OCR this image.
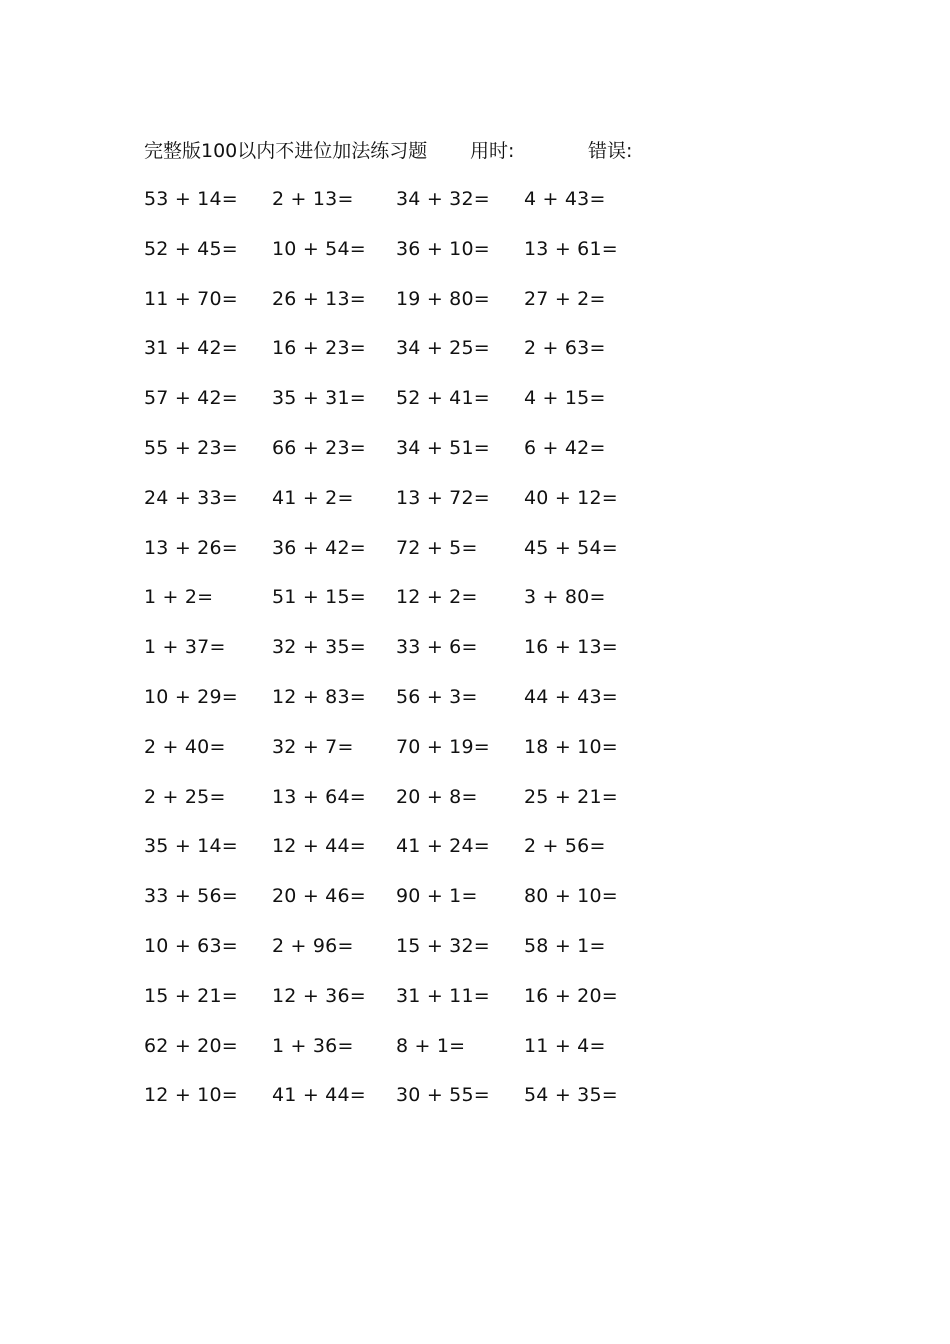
完整版100以内不进位加法练习题 用时:	错误:
53 + 14= 2 + 13= 34 + 32= 4 + 43=
52 + 45= 10 + 54= 36 + 10= 13 + 61=
11 + 70= 26 + 13= 19 + 80= 27 + 2=
31 + 42= 16 + 23= 34 + 25= 2 + 63=
57 + 42= 35 + 31= 52 + 41= 4 + 15=
55 + 23= 66 + 23= 34 + 51= 6 + 42=
24 + 33= 41 + 2= 13 + 72= 40 + 12=
13 + 26= 36 + 42= 72 + 5= 45 + 54=
1 + 2=	51 + 15= 12 + 2= 3 + 80=
1 + 37= 32 + 35= 33 + 6= 16 + 13=
10 + 29= 12 + 83= 56 + 3= 44 + 43=
2 + 40= 32 + 7= 70 + 19= 18 + 10=
2 + 25= 13 + 64= 20 + 8= 25 + 21=
35 + 14= 12 + 44= 41 + 24= 2 + 56=
33 + 56= 20 + 46= 90 + 1= 80 + 10=
10 + 63= 2 + 96= 15 + 32= 58 + 1=
15 + 21= 12 + 36= 31 + 11= 16 + 20=
62 + 20= 1 + 36= 8 + 1=	11 + 4=
12 + 10= 41 + 44= 30 + 55= 54 + 35=
